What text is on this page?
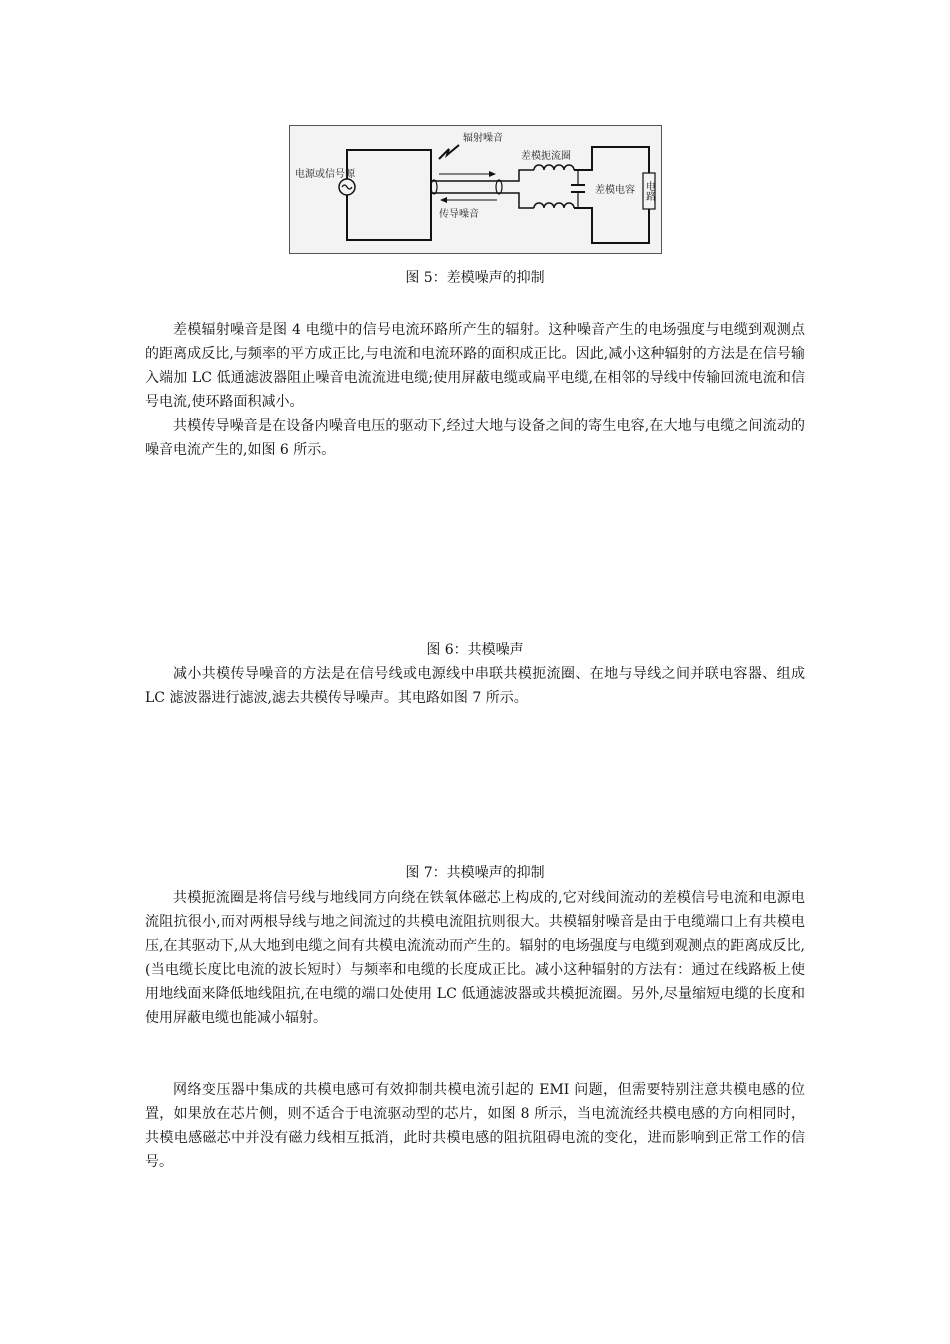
电源或信号源
辐射噪音
传导噪音
差模扼流圈
差模电容 电路

图 5：差模噪声的抑制

差模辐射噪音是图 4 电缆中的信号电流环路所产生的辐射。这种噪音产生的电场强度与电缆到观测点的距离成反比,与频率的平方成正比,与电流和电流环路的面积成正比。因此,减小这种辐射的方法是在信号输入端加 LC 低通滤波器阻止噪音电流流进电缆;使用屏蔽电缆或扁平电缆,在相邻的导线中传输回流电流和信号电流,使环路面积减小。

共模传导噪音是在设备内噪音电压的驱动下,经过大地与设备之间的寄生电容,在大地与电缆之间流动的噪音电流产生的,如图 6 所示。

图 6：共模噪声

减小共模传导噪音的方法是在信号线或电源线中串联共模扼流圈、在地与导线之间并联电容器、组成 LC 滤波器进行滤波,滤去共模传导噪声。其电路如图 7 所示。

图 7：共模噪声的抑制

共模扼流圈是将信号线与地线同方向绕在铁氧体磁芯上构成的,它对线间流动的差模信号电流和电源电流阻抗很小,而对两根导线与地之间流过的共模电流阻抗则很大。共模辐射噪音是由于电缆端口上有共模电压,在其驱动下,从大地到电缆之间有共模电流流动而产生的。辐射的电场强度与电缆到观测点的距离成反比,(当电缆长度比电流的波长短时）与频率和电缆的长度成正比。减小这种辐射的方法有：通过在线路板上使用地线面来降低地线阻抗,在电缆的端口处使用 LC 低通滤波器或共模扼流圈。另外,尽量缩短电缆的长度和使用屏蔽电缆也能减小辐射。

网络变压器中集成的共模电感可有效抑制共模电流引起的 EMI 问题，但需要特别注意共模电感的位置，如果放在芯片侧，则不适合于电流驱动型的芯片，如图 8 所示，当电流流经共模电感的方向相同时，共模电感磁芯中并没有磁力线相互抵消，此时共模电感的阻抗阻碍电流的变化，进而影响到正常工作的信号。
